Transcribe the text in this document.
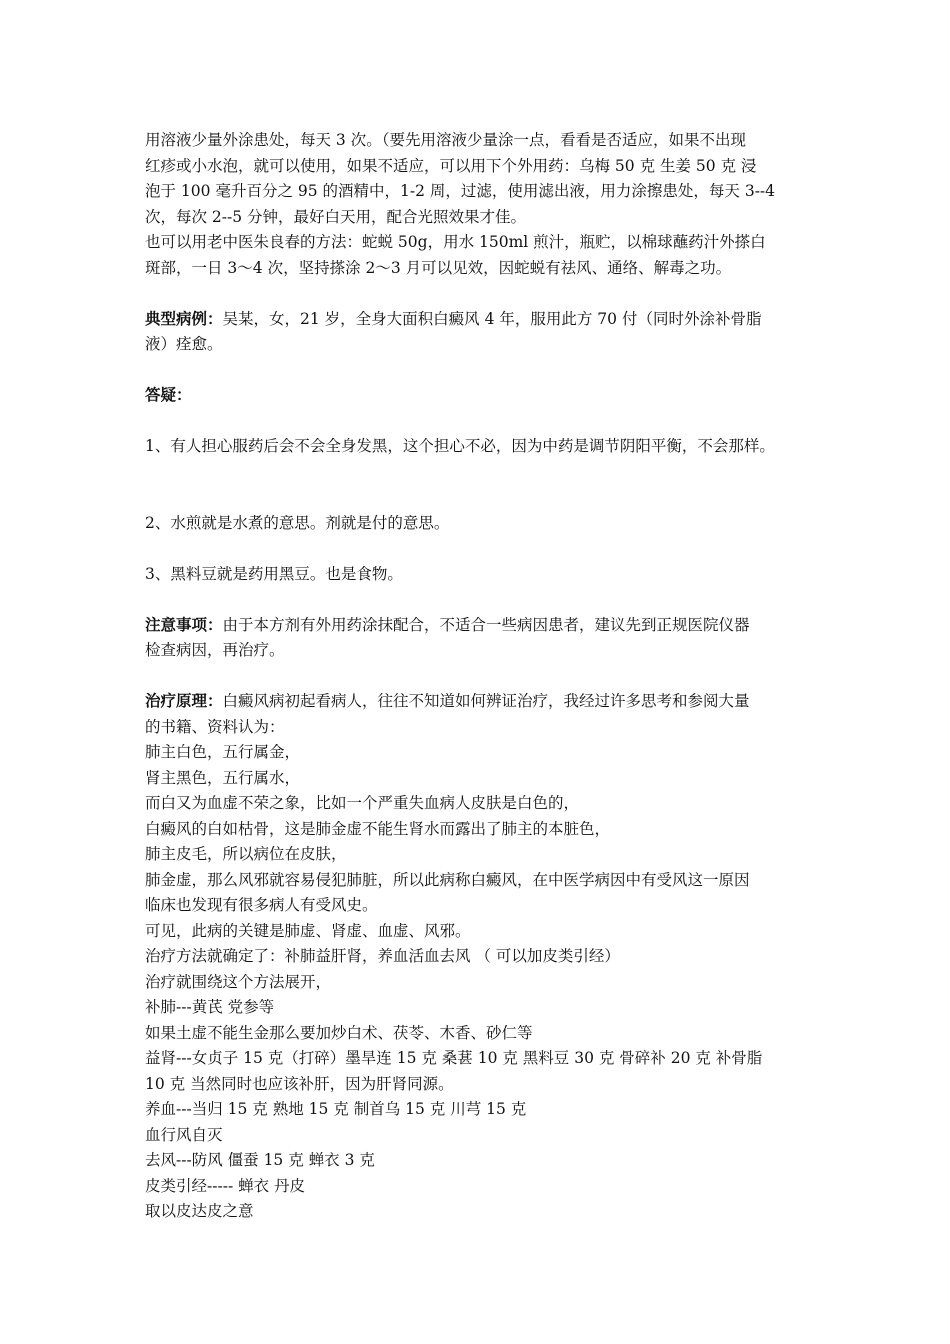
用溶液少量外涂患处，每天 3 次。（要先用溶液少量涂一点，看看是否适应，如果不出现
红疹或小水泡，就可以使用，如果不适应，可以用下个外用药：乌梅 50 克 生姜 50 克 浸
泡于 100 毫升百分之 95 的酒精中，1-2 周，过滤，使用滤出液，用力涂擦患处，每天 3--4
次，每次 2--5 分钟，最好白天用，配合光照效果才佳。
也可以用老中医朱良春的方法：蛇蜕 50g，用水 150ml 煎汁，瓶贮，以棉球蘸药汁外搽白
斑部，一日 3～4 次，坚持搽涂 2～3 月可以见效，因蛇蜕有祛风、通络、解毒之功。
典型病例：吴某，女，21 岁，全身大面积白癜风 4 年，服用此方 70 付（同时外涂补骨脂
液）痊愈。
答疑：
1、有人担心服药后会不会全身发黑，这个担心不必，因为中药是调节阴阳平衡，不会那样。
2、水煎就是水煮的意思。剂就是付的意思。
3、黑料豆就是药用黑豆。也是食物。
注意事项：由于本方剂有外用药涂抹配合，不适合一些病因患者，建议先到正规医院仪器
检查病因，再治疗。
治疗原理：白癜风病初起看病人，往往不知道如何辨证治疗，我经过许多思考和参阅大量
的书籍、资料认为：
肺主白色，五行属金，
肾主黑色，五行属水，
而白又为血虚不荣之象，比如一个严重失血病人皮肤是白色的，
白癜风的白如枯骨，这是肺金虚不能生肾水而露出了肺主的本脏色，
肺主皮毛，所以病位在皮肤，
肺金虚，那么风邪就容易侵犯肺脏，所以此病称白癜风，在中医学病因中有受风这一原因
临床也发现有很多病人有受风史。
可见，此病的关键是肺虚、肾虚、血虚、风邪。
治疗方法就确定了：补肺益肝肾，养血活血去风 （ 可以加皮类引经）
治疗就围绕这个方法展开，
补肺---黄芪 党参等
如果土虚不能生金那么要加炒白术、茯苓、木香、砂仁等
益肾---女贞子 15 克（打碎）墨旱连 15 克 桑葚 10 克 黑料豆 30 克 骨碎补 20 克 补骨脂
10 克 当然同时也应该补肝，因为肝肾同源。
养血---当归 15 克 熟地 15 克 制首乌 15 克 川芎 15 克
血行风自灭
去风---防风 僵蚕 15 克 蝉衣 3 克
皮类引经----- 蝉衣 丹皮
取以皮达皮之意
